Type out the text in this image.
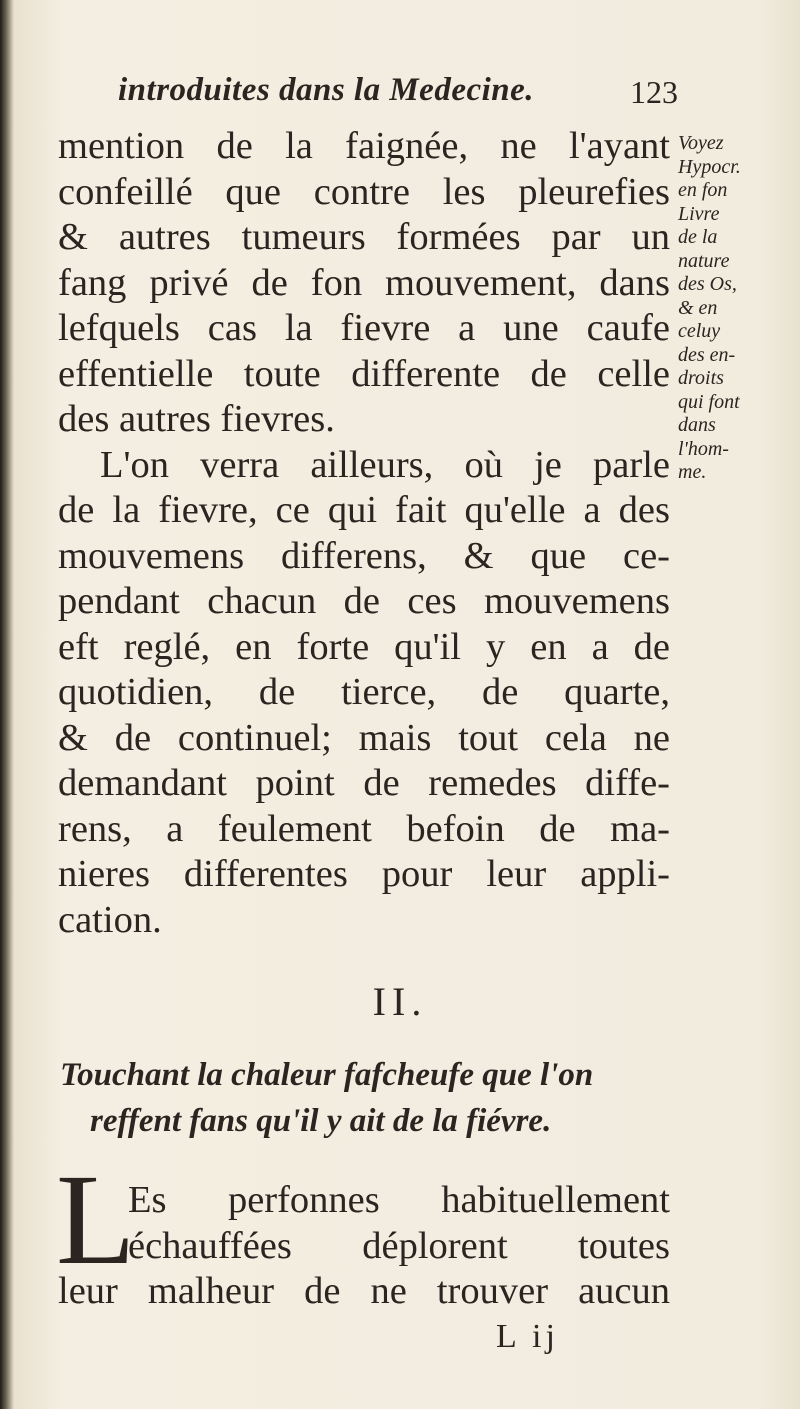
introduites dans la Medecine.	123
mention de la faignée, ne l'ayant
confeillé que contre les pleurefies
& autres tumeurs formées par un
fang privé de fon mouvement, dans
lefquels cas la fievre a une caufe
effentielle toute differente de celle
des autres fievres.
L'on verra ailleurs, où je parle
de la fievre, ce qui fait qu'elle a des
mouvemens differens, & que ce-
pendant chacun de ces mouvemens
eft reglé, en forte qu'il y en a de
quotidien, de tierce, de quarte,
& de continuel; mais tout cela ne
demandant point de remedes diffe-
rens, a feulement befoin de ma-
nieres differentes pour leur appli-
cation.
Voyez
Hypocr.
en fon
Livre
de la
nature
des Os,
& en
celuy
des en-
droits
qui font
dans
l'hom-
me.
II.
Touchant la chaleur fafcheufe que l'on
reffent fans qu'il y ait de la fiévre.
L
Es perfonnes habituellement
échauffées déplorent toutes
leur malheur de ne trouver aucun
L ij
